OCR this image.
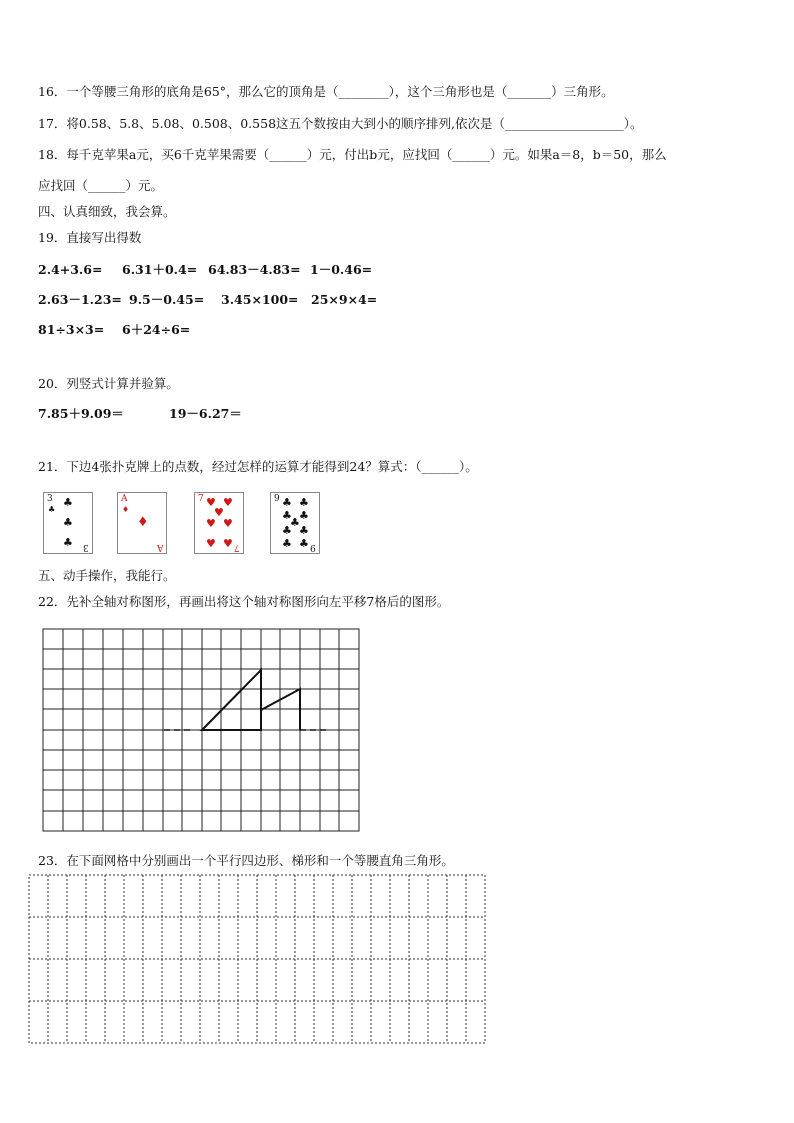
16．一个等腰三角形的底角是65°，那么它的顶角是（________），这个三角形也是（_______）三角形。
17．将0.58、5.8、5.08、0.508、0.558这五个数按由大到小的顺序排列,依次是（___________________）。
18．每千克苹果a元，买6千克苹果需要（______）元，付出b元，应找回（______）元。如果a＝8，b＝50，那么
应找回（______）元。
四、认真细致，我会算。
19．直接写出得数
2.4+3.6= 6.31＋0.4= 64.83－4.83= 1－0.46=
2.63－1.23= 9.5－0.45= 3.45×100= 25×9×4=
81÷3×3= 6＋24÷6=
20．列竖式计算并验算。
7.85＋9.09＝	19－6.27＝
21．下边4张扑克牌上的点数，经过怎样的运算才能得到24？算式：（______）。
3
♣
♣
♣
♣ 3
A
♦
♦
A
7 ♥ ♥
♥
♥ ♥
♥ ♥ 7
9 ♣ ♣
♣ ♣
♣
♣ ♣
♣ ♣ 9
五、动手操作，我能行。
22．先补全轴对称图形，再画出将这个轴对称图形向左平移7格后的图形。
23．在下面网格中分别画出一个平行四边形、梯形和一个等腰直角三角形。
